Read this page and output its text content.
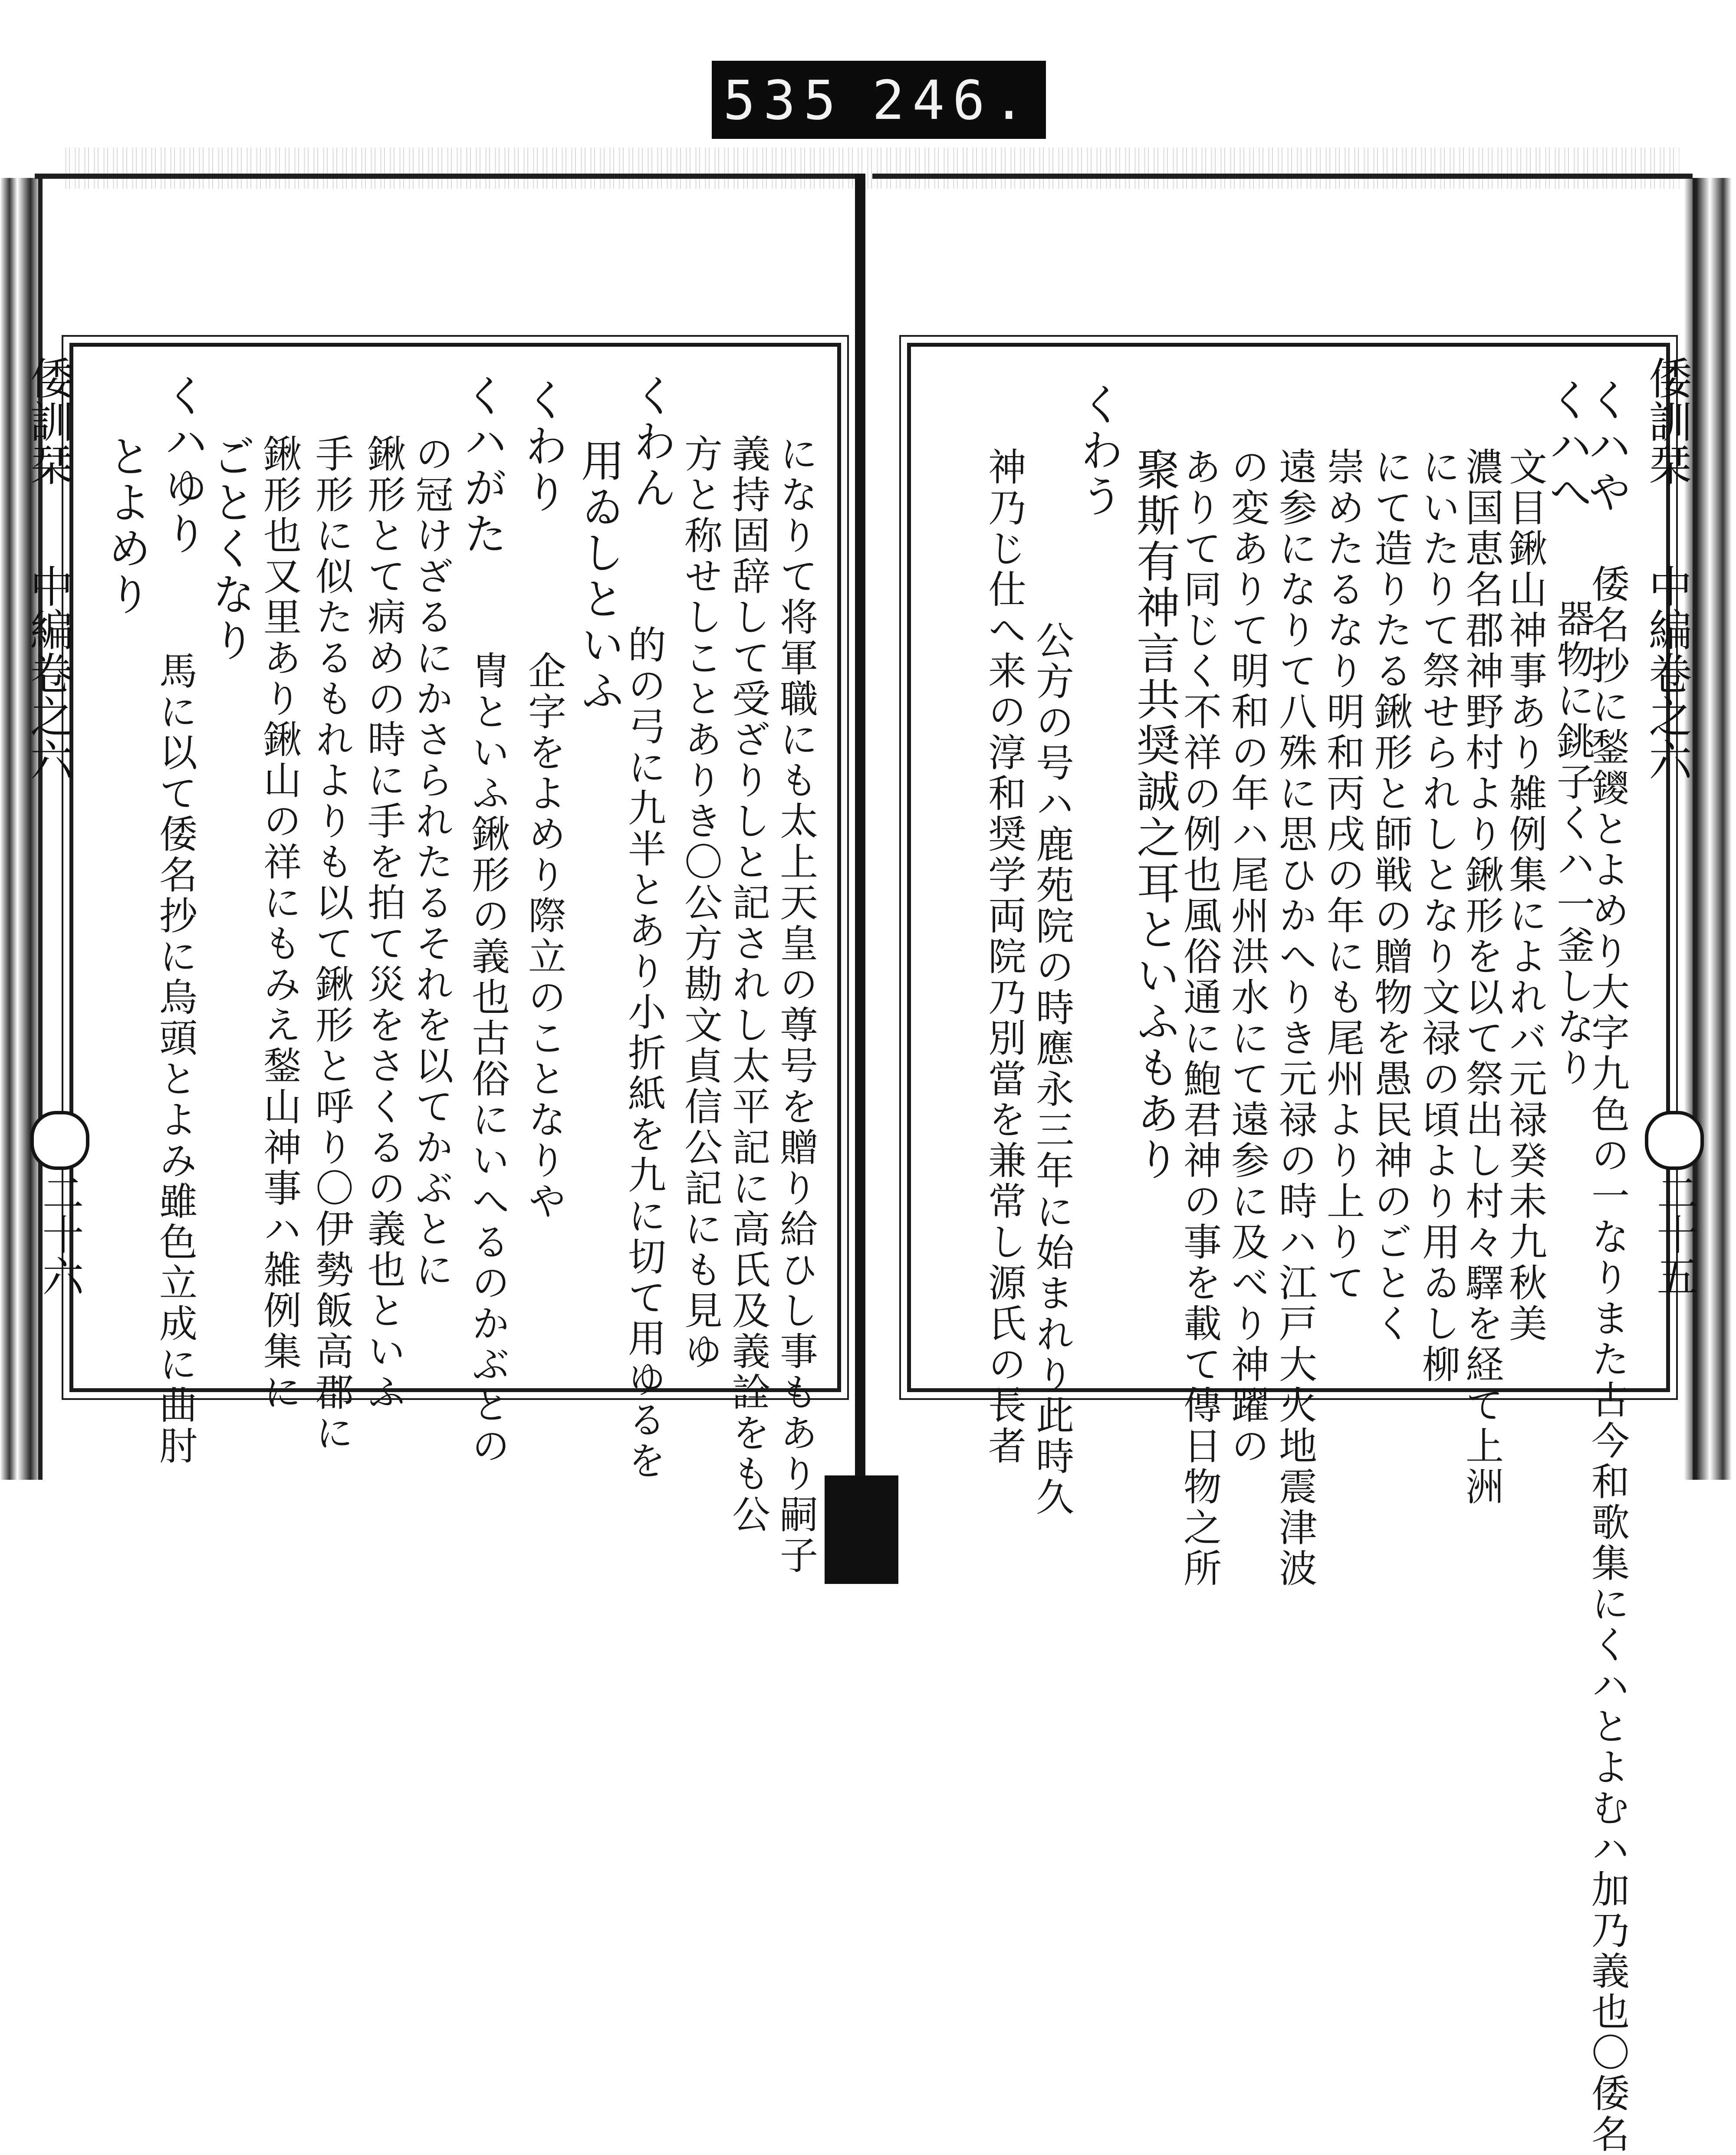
535 246.
倭訓栞
中編卷之六
二十六
倭訓栞
中編卷之六
二十五
くハや
くハへ
倭名抄に鍫鑁とよめり大字九色の一なりまた古今和歌集にくハとよむハ加乃義也〇倭名
器物に銚子くハ一釜しなり
文目鍬山神事あり雑例集によれバ元禄癸未九秋美
濃国恵名郡神野村より鍬形を以て祭出し村々驛を経て上洲
にいたりて祭せられしとなり文禄の頃より用ゐし柳
にて造りたる鍬形と師戦の贈物を愚民神のごとく
崇めたるなり明和丙戌の年にも尾州より上りて
遠参になりて八殊に思ひかへりき元禄の時ハ江戸大火地震津波
の変ありて明和の年ハ尾州洪水にて遠参に及べり神躍の
ありて同じく不祥の例也風俗通に鮑君神の事を載て傳日物之所
聚斯有神言共奨誠之耳といふもあり
くわう
公方の号ハ鹿苑院の時應永三年に始まれり此時久
神乃じ仕へ来の淳和奨学両院乃別當を兼常し源氏の長者
になりて将軍職にも太上天皇の尊号を贈り給ひし事もあり嗣子
義持固辞して受ざりしと記されし太平記に高氏及義詮をも公
方と称せしことありき〇公方勘文貞信公記にも見ゆ
くわん
的の弓に九半とあり小折紙を九に切て用ゆるを
用ゐしといふ
くわり
企字をよめり際立のことなりや
くハがた
冑といふ鍬形の義也古俗にいへるのかぶとの
の冠けざるにかさられたるそれを以てかぶとに
鍬形とて病めの時に手を拍て災をさくるの義也といふ
手形に似たるもれよりも以て鍬形と呼り〇伊勢飯高郡に
鍬形也又里あり鍬山の祥にもみえ鍫山神事ハ雑例集に
ごとくなり
くハゆり
馬に以て倭名抄に烏頭とよみ雖色立成に曲肘
とよめり
